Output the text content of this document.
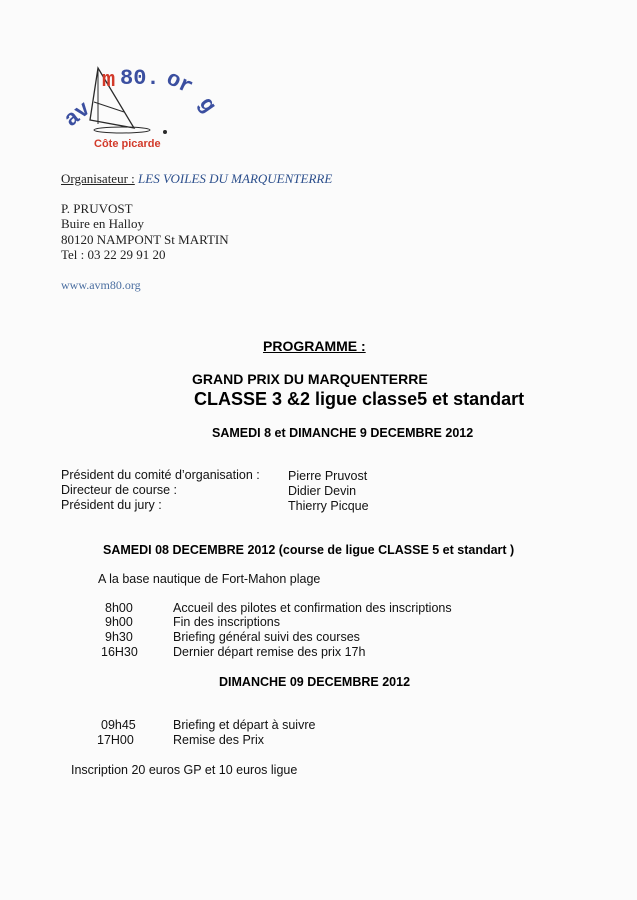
av
m 80. or
g
Côte picarde
Organisateur : LES VOILES DU MARQUENTERRE
P. PRUVOST
Buire en Halloy
80120 NAMPONT St MARTIN
Tel : 03 22 29 91 20
www.avm80.org
PROGRAMME :
GRAND PRIX DU MARQUENTERRE
CLASSE 3 &2 ligue classe5 et standart
SAMEDI 8 et DIMANCHE 9 DECEMBRE 2012
Président du comité d’organisation : Pierre Pruvost
Directeur de course :	Didier Devin
Président du jury :	Thierry Picque
SAMEDI 08 DECEMBRE 2012 (course de ligue CLASSE 5 et standart )
A la base nautique de Fort-Mahon plage
8h00	Accueil des pilotes et confirmation des inscriptions
9h00	Fin des inscriptions
9h30	Briefing général suivi des courses
16H30	Dernier départ remise des prix 17h
DIMANCHE 09 DECEMBRE 2012
09h45	Briefing et départ à suivre
17H00	Remise des Prix
Inscription 20 euros GP et 10 euros ligue
